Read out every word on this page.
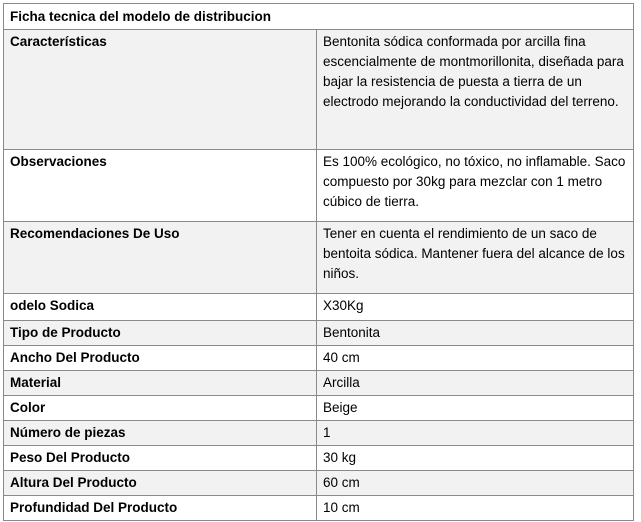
Ficha tecnica del modelo de distribucion	
Características	Bentonita sódica conformada por arcilla fina escencialmente de montmorillonita, diseñada para bajar la resistencia de puesta a tierra de un electrodo mejorando la conductividad del terreno.
Observaciones	Es 100% ecológico, no tóxico, no inflamable. Saco compuesto por 30kg para mezclar con 1 metro cúbico de tierra.
Recomendaciones De Uso	Tener en cuenta el rendimiento de un saco de bentoita sódica. Mantener fuera del alcance de los niños.
odelo Sodica	X30Kg
Tipo de Producto	Bentonita
Ancho Del Producto	40 cm
Material	Arcilla
Color	Beige
Número de piezas	1
Peso Del Producto	30 kg
Altura Del Producto	60 cm
Profundidad Del Producto	10 cm
